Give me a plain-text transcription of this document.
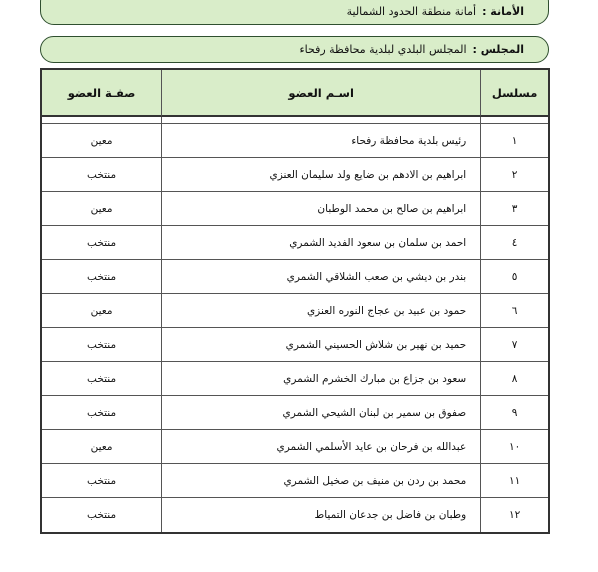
الأمانة :
أمانة منطقة الحدود الشمالية
المجلس :
المجلس البلدي لبلدية محافظة رفحاء
مسلسل	اسـم العضو	صفـة العضو

١	رئيس بلدية محافظة رفحاء	معين
٢	ابراهيم بن الادهم بن ضايع ولد سليمان العنزي	منتخب
٣	ابراهيم بن صالح بن محمد الوطبان	معين
٤	احمد بن سلمان بن سعود الفديد الشمري	منتخب
٥	بندر بن ديشي بن صعب الشلاقي الشمري	منتخب
٦	حمود بن عبيد بن عجاج النوره العنزي	معين
٧	حميد بن نهير بن شلاش الحسيني الشمري	منتخب
٨	سعود بن جزاع بن مبارك الخشرم الشمري	منتخب
٩	صفوق بن سمير بن لبنان الشيحي الشمري	منتخب
١٠	عبدالله بن فرحان بن عايد الأسلمي الشمري	معين
١١	محمد بن ردن بن منيف بن صخيل الشمري	منتخب
١٢	وطبان بن فاضل بن جدعان التمياط	منتخب
